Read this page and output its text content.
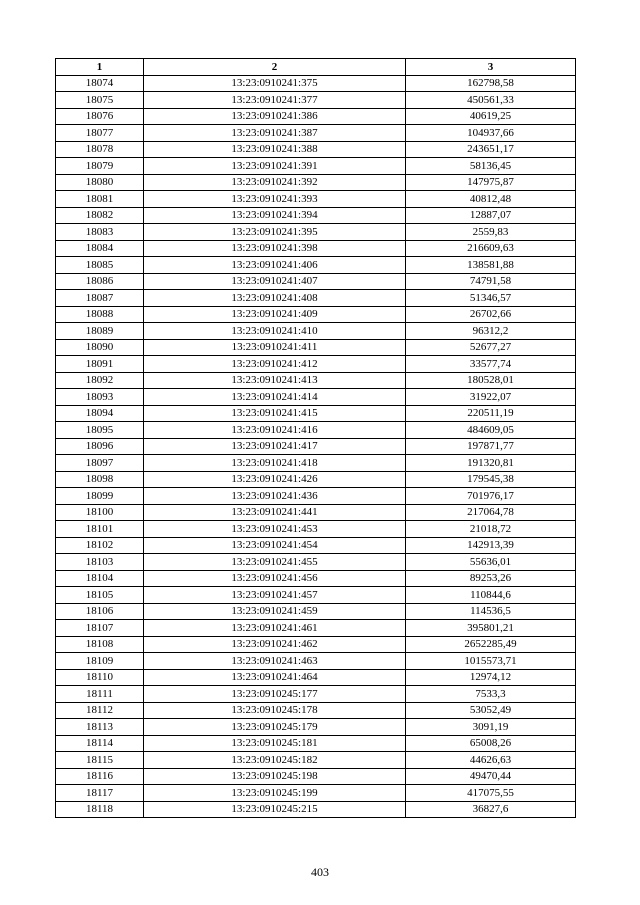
1	2	3
18074	13:23:0910241:375	162798,58
18075	13:23:0910241:377	450561,33
18076	13:23:0910241:386	40619,25
18077	13:23:0910241:387	104937,66
18078	13:23:0910241:388	243651,17
18079	13:23:0910241:391	58136,45
18080	13:23:0910241:392	147975,87
18081	13:23:0910241:393	40812,48
18082	13:23:0910241:394	12887,07
18083	13:23:0910241:395	2559,83
18084	13:23:0910241:398	216609,63
18085	13:23:0910241:406	138581,88
18086	13:23:0910241:407	74791,58
18087	13:23:0910241:408	51346,57
18088	13:23:0910241:409	26702,66
18089	13:23:0910241:410	96312,2
18090	13:23:0910241:411	52677,27
18091	13:23:0910241:412	33577,74
18092	13:23:0910241:413	180528,01
18093	13:23:0910241:414	31922,07
18094	13:23:0910241:415	220511,19
18095	13:23:0910241:416	484609,05
18096	13:23:0910241:417	197871,77
18097	13:23:0910241:418	191320,81
18098	13:23:0910241:426	179545,38
18099	13:23:0910241:436	701976,17
18100	13:23:0910241:441	217064,78
18101	13:23:0910241:453	21018,72
18102	13:23:0910241:454	142913,39
18103	13:23:0910241:455	55636,01
18104	13:23:0910241:456	89253,26
18105	13:23:0910241:457	110844,6
18106	13:23:0910241:459	114536,5
18107	13:23:0910241:461	395801,21
18108	13:23:0910241:462	2652285,49
18109	13:23:0910241:463	1015573,71
18110	13:23:0910241:464	12974,12
18111	13:23:0910245:177	7533,3
18112	13:23:0910245:178	53052,49
18113	13:23:0910245:179	3091,19
18114	13:23:0910245:181	65008,26
18115	13:23:0910245:182	44626,63
18116	13:23:0910245:198	49470,44
18117	13:23:0910245:199	417075,55
18118	13:23:0910245:215	36827,6
403
